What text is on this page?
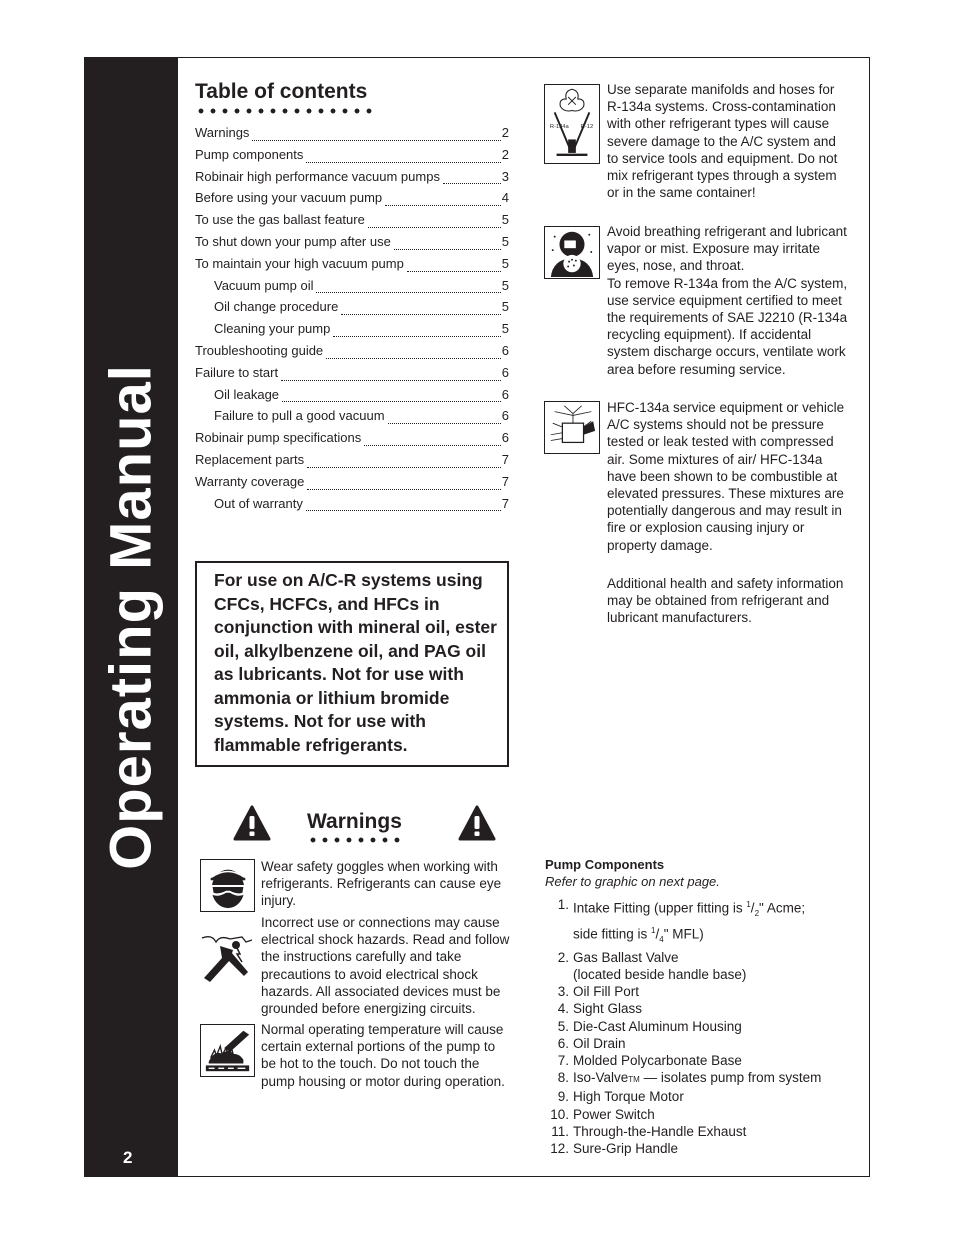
Operating Manual
2
Table of contents
Warnings	2
Pump components	2
Robinair high performance vacuum pumps	3
Before using your vacuum pump	4
To use the gas ballast feature	5
To shut down your pump after use	5
To maintain your high vacuum pump	5
Vacuum pump oil	5
Oil change procedure	5
Cleaning your pump	5
Troubleshooting guide	6
Failure to start	6
Oil leakage	6
Failure to pull a good vacuum	6
Robinair pump specifications	6
Replacement parts	7
Warranty coverage	7
Out of warranty	7
For use on A/C-R systems using CFCs, HCFCs, and HFCs in conjunction with mineral oil, ester oil, alkylbenzene oil, and PAG oil as lubricants. Not for use with ammonia or lithium bromide systems. Not for use with flammable refrigerants.
Warnings
Wear safety goggles when working with refrigerants. Refrigerants can cause eye injury.
Incorrect use or connections may cause electrical shock hazards. Read and follow the instructions carefully and take precautions to avoid electrical shock hazards. All associated devices must be grounded before energizing circuits.
Normal operating temperature will cause certain external portions of the pump to be hot to the touch. Do not touch the pump housing or motor during operation.
R-134a R-12
Use separate manifolds and hoses for R-134a systems. Cross-contamination with other refrigerant types will cause severe damage to the A/C system and to service tools and equipment. Do not mix refrigerant types through a system or in the same container!

Avoid breathing refrigerant and lubricant vapor or mist. Exposure may irritate eyes, nose, and throat.

To remove R-134a from the A/C system, use service equipment certified to meet the requirements of SAE J2210 (R-134a recycling equipment). If accidental system discharge occurs, ventilate work area before resuming service.

HFC-134a service equipment or vehicle A/C systems should not be pressure tested or leak tested with compressed air. Some mixtures of air/ HFC-134a have been shown to be combustible at elevated pressures. These mixtures are potentially dangerous and may result in fire or explosion causing injury or property damage.
Additional health and safety information may be obtained from refrigerant and lubricant manufacturers.
Pump Components
Refer to graphic on next page.
1. Intake Fitting (upper fitting is $^1/_2$" Acme;
side fitting is $^1/_4$" MFL)
2. Gas Ballast Valve
(located beside handle base)
3. Oil Fill Port
4. Sight Glass
5. Die-Cast Aluminum Housing
6. Oil Drain
7. Molded Polycarbonate Base
8. Iso-ValveTM — isolates pump from system
9. High Torque Motor
10. Power Switch
11. Through-the-Handle Exhaust
12. Sure-Grip Handle
